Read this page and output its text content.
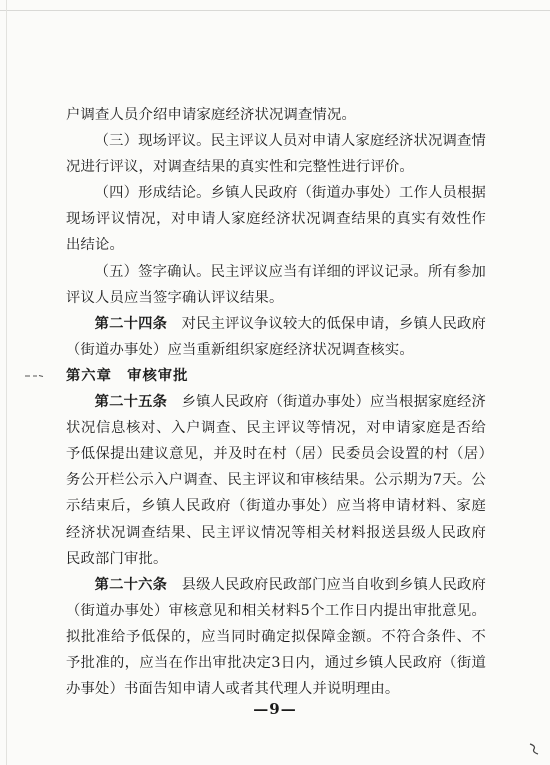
户调查人员介绍申请家庭经济状况调查情况。

（三）现场评议。民主评议人员对申请人家庭经济状况调查情况进行评议，对调查结果的真实性和完整性进行评价。

（四）形成结论。乡镇人民政府（街道办事处）工作人员根据现场评议情况，对申请人家庭经济状况调查结果的真实有效性作出结论。

（五）签字确认。民主评议应当有详细的评议记录。所有参加评议人员应当签字确认评议结果。

第二十四条　 对民主评议争议较大的低保申请，乡镇人民政府（街道办事处）应当重新组织家庭经济状况调查核实。

第六章　审核审批

第二十五条　 乡镇人民政府（街道办事处）应当根据家庭经济状况信息核对、入户调查、民主评议等情况，对申请家庭是否给予低保提出建议意见，并及时在村（居）民委员会设置的村（居）务公开栏公示入户调查、民主评议和审核结果。公示期为7天。公示结束后，乡镇人民政府（街道办事处）应当将申请材料、家庭经济状况调查结果、民主评议情况等相关材料报送县级人民政府民政部门审批。

第二十六条　 县级人民政府民政部门应当自收到乡镇人民政府（街道办事处）审核意见和相关材料5个工作日内提出审批意见。拟批准给予低保的，应当同时确定拟保障金额。不符合条件、不予批准的，应当在作出审批决定3日内，通过乡镇人民政府（街道办事处）书面告知申请人或者其代理人并说明理由。

—9—
